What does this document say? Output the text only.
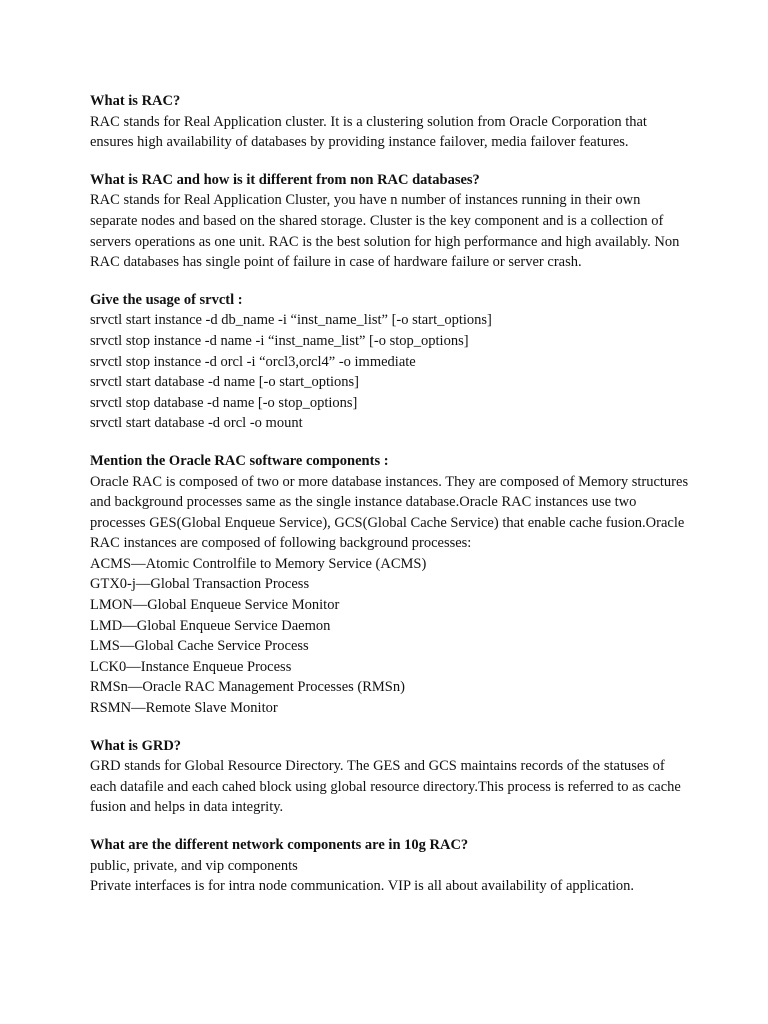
What is RAC?

RAC stands for Real Application cluster. It is a clustering solution from Oracle Corporation that ensures high availability of databases by providing instance failover, media failover features.

What is RAC and how is it different from non RAC databases?

RAC stands for Real Application Cluster, you have n number of instances running in their own separate nodes and based on the shared storage. Cluster is the key component and is a collection of servers operations as one unit. RAC is the best solution for high performance and high availably. Non RAC databases has single point of failure in case of hardware failure or server crash.

Give the usage of srvctl :

srvctl start instance -d db_name -i “inst_name_list” [-o start_options]

srvctl stop instance -d name -i “inst_name_list” [-o stop_options]

srvctl stop instance -d orcl -i “orcl3,orcl4” -o immediate

srvctl start database -d name [-o start_options]

srvctl stop database -d name [-o stop_options]

srvctl start database -d orcl -o mount

Mention the Oracle RAC software components :

Oracle RAC is composed of two or more database instances. They are composed of Memory structures and background processes same as the single instance database.Oracle RAC instances use two processes GES(Global Enqueue Service), GCS(Global Cache Service) that enable cache fusion.Oracle RAC instances are composed of following background processes:

ACMS—Atomic Controlfile to Memory Service (ACMS)

GTX0-j—Global Transaction Process

LMON—Global Enqueue Service Monitor

LMD—Global Enqueue Service Daemon

LMS—Global Cache Service Process

LCK0—Instance Enqueue Process

RMSn—Oracle RAC Management Processes (RMSn)

RSMN—Remote Slave Monitor

What is GRD?

GRD stands for Global Resource Directory. The GES and GCS maintains records of the statuses of each datafile and each cahed block using global resource directory.This process is referred to as cache fusion and helps in data integrity.

What are the different network components are in 10g RAC?

public, private, and vip components

Private interfaces is for intra node communication. VIP is all about availability of application.
